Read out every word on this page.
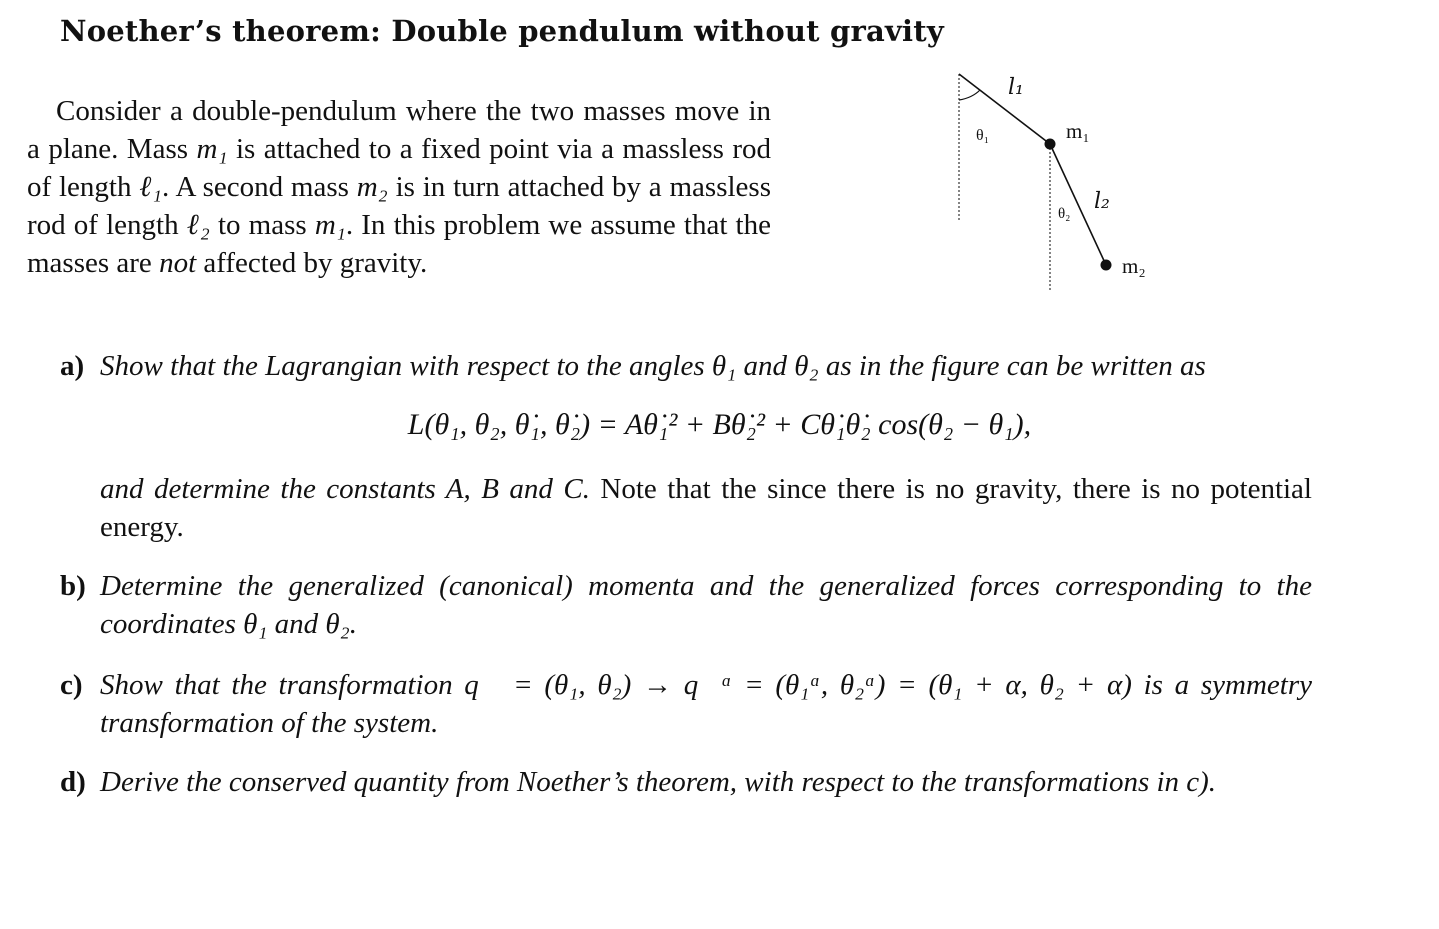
Noether’s theorem: Double pendulum without gravity

Consider a double-pendulum where the two masses move in a plane. Mass m₁ is attached to a fixed point via a massless rod of length ℓ₁. A second mass m₂ is in turn attached by a massless rod of length ℓ₂ to mass m₁. In this problem we assume that the masses are not affected by gravity.

l₁
θ₁	m₁
l₂
θ₂
m₂
a) Show that the Lagrangian with respect to the angles θ₁ and θ₂ as in the figure can be written as
L(θ₁, θ₂, θ̇₁, θ̇₂) = Aθ̇₁² + Bθ̇₂² + Cθ̇₁θ̇₂ cos(θ₂ − θ₁),
and determine the constants A, B and C. Note that the since there is no gravity, there is no potential energy.
b) Determine the generalized (canonical) momenta and the generalized forces corresponding to the coordinates θ₁ and θ₂.
c) Show that the transformation q⃗ = (θ₁, θ₂) → q⃗ᵅ = (θ₁ᵅ, θ₂ᵅ) = (θ₁ + α, θ₂ + α) is a symmetry transformation of the system.
d) Derive the conserved quantity from Noether’s theorem, with respect to the transformations in c).
